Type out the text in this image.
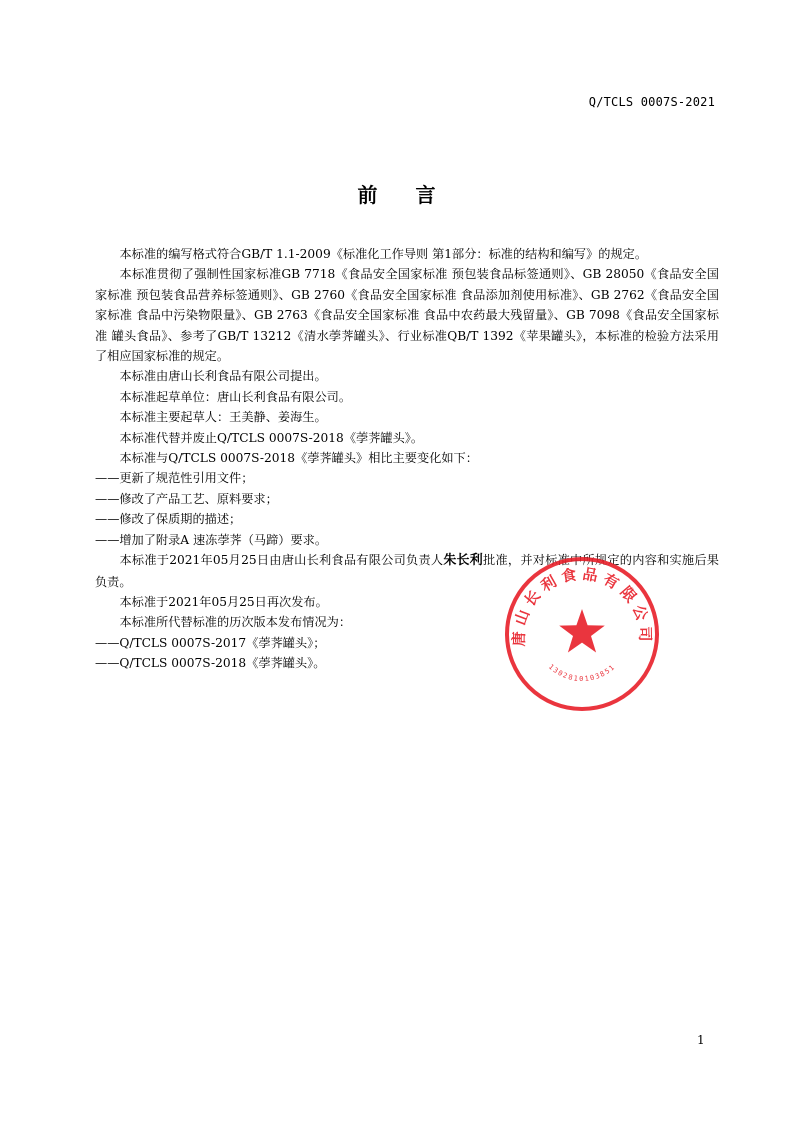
Q/TCLS 0007S-2021
前言

本标准的编写格式符合GB/T 1.1-2009《标准化工作导则 第1部分：标准的结构和编写》的规定。

本标准贯彻了强制性国家标准GB 7718《食品安全国家标准 预包装食品标签通则》、GB 28050《食品安全国家标准 预包装食品营养标签通则》、GB 2760《食品安全国家标准 食品添加剂使用标准》、GB 2762《食品安全国家标准 食品中污染物限量》、GB 2763《食品安全国家标准 食品中农药最大残留量》、GB 7098《食品安全国家标准 罐头食品》、参考了GB/T 13212《清水荸荠罐头》、行业标准QB/T 1392《苹果罐头》，本标准的检验方法采用了相应国家标准的规定。

本标准由唐山长利食品有限公司提出。

本标准起草单位：唐山长利食品有限公司。

本标准主要起草人：王美静、姜海生。

本标准代替并废止Q/TCLS 0007S-2018《荸荠罐头》。

本标准与Q/TCLS 0007S-2018《荸荠罐头》相比主要变化如下：

——更新了规范性引用文件；

——修改了产品工艺、原料要求；

——修改了保质期的描述；

——增加了附录A 速冻荸荠（马蹄）要求。

本标准于2021年05月25日由唐山长利食品有限公司负责人朱长利批准，并对标准中所规定的内容和实施后果负责。

本标准于2021年05月25日再次发布。

本标准所代替标准的历次版本发布情况为：

——Q/TCLS 0007S-2017《荸荠罐头》；

——Q/TCLS 0007S-2018《荸荠罐头》。

唐山长利食品有限公司
1302810103851
1
